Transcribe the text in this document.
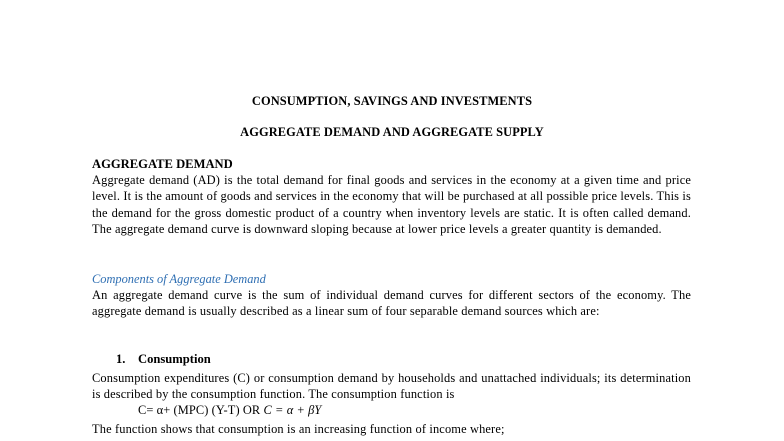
CONSUMPTION, SAVINGS AND INVESTMENTS
AGGREGATE DEMAND AND AGGREGATE SUPPLY
AGGREGATE DEMAND
Aggregate demand (AD) is the total demand for final goods and services in the economy at a given time and price level. It is the amount of goods and services in the economy that will be purchased at all possible price levels. This is the demand for the gross domestic product of a country when inventory levels are static. It is often called demand. The aggregate demand curve is downward sloping because at lower price levels a greater quantity is demanded.
Components of Aggregate Demand
An aggregate demand curve is the sum of individual demand curves for different sectors of the economy. The aggregate demand is usually described as a linear sum of four separable demand sources which are:
1. Consumption
Consumption expenditures (C) or consumption demand by households and unattached individuals; its determination is described by the consumption function. The consumption function is
C= α+ (MPC) (Y-T) OR C = α + βY
The function shows that consumption is an increasing function of income where;
